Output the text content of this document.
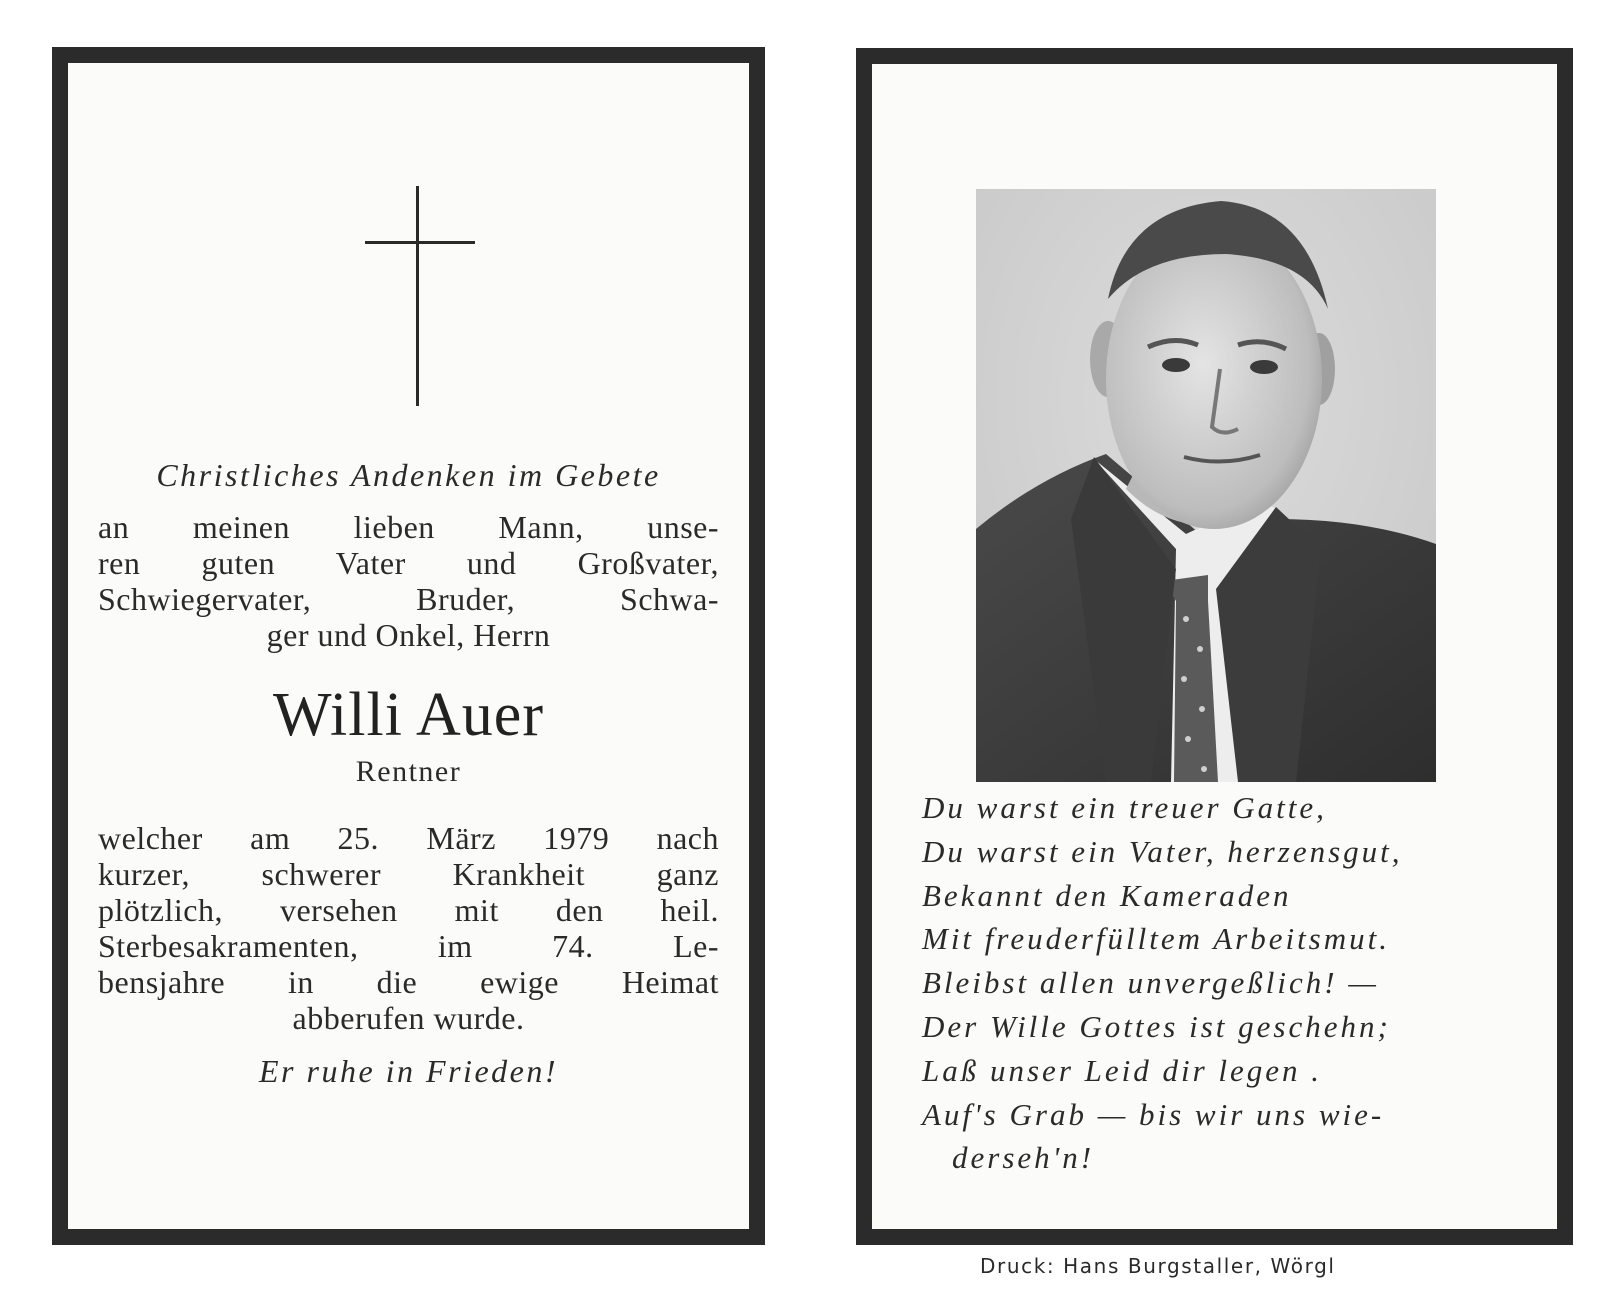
Christliches Andenken im Gebete
an meinen lieben Mann, unse-
ren guten Vater und Großvater,
Schwiegervater, Bruder, Schwa-
ger und Onkel, Herrn
Willi Auer
Rentner
welcher am 25. März 1979 nach
kurzer, schwerer Krankheit ganz
plötzlich, versehen mit den heil.
Sterbesakramenten, im 74. Le-
bensjahre in die ewige Heimat
abberufen wurde.
Er ruhe in Frieden!
Du warst ein treuer Gatte,
Du warst ein Vater, herzensgut,
Bekannt den Kameraden
Mit freuderfülltem Arbeitsmut.
Bleibst allen unvergeßlich! —
Der Wille Gottes ist geschehn;
Laß unser Leid dir legen .
Auf's Grab — bis wir uns wie-
derseh'n!
Druck: Hans Burgstaller, Wörgl
